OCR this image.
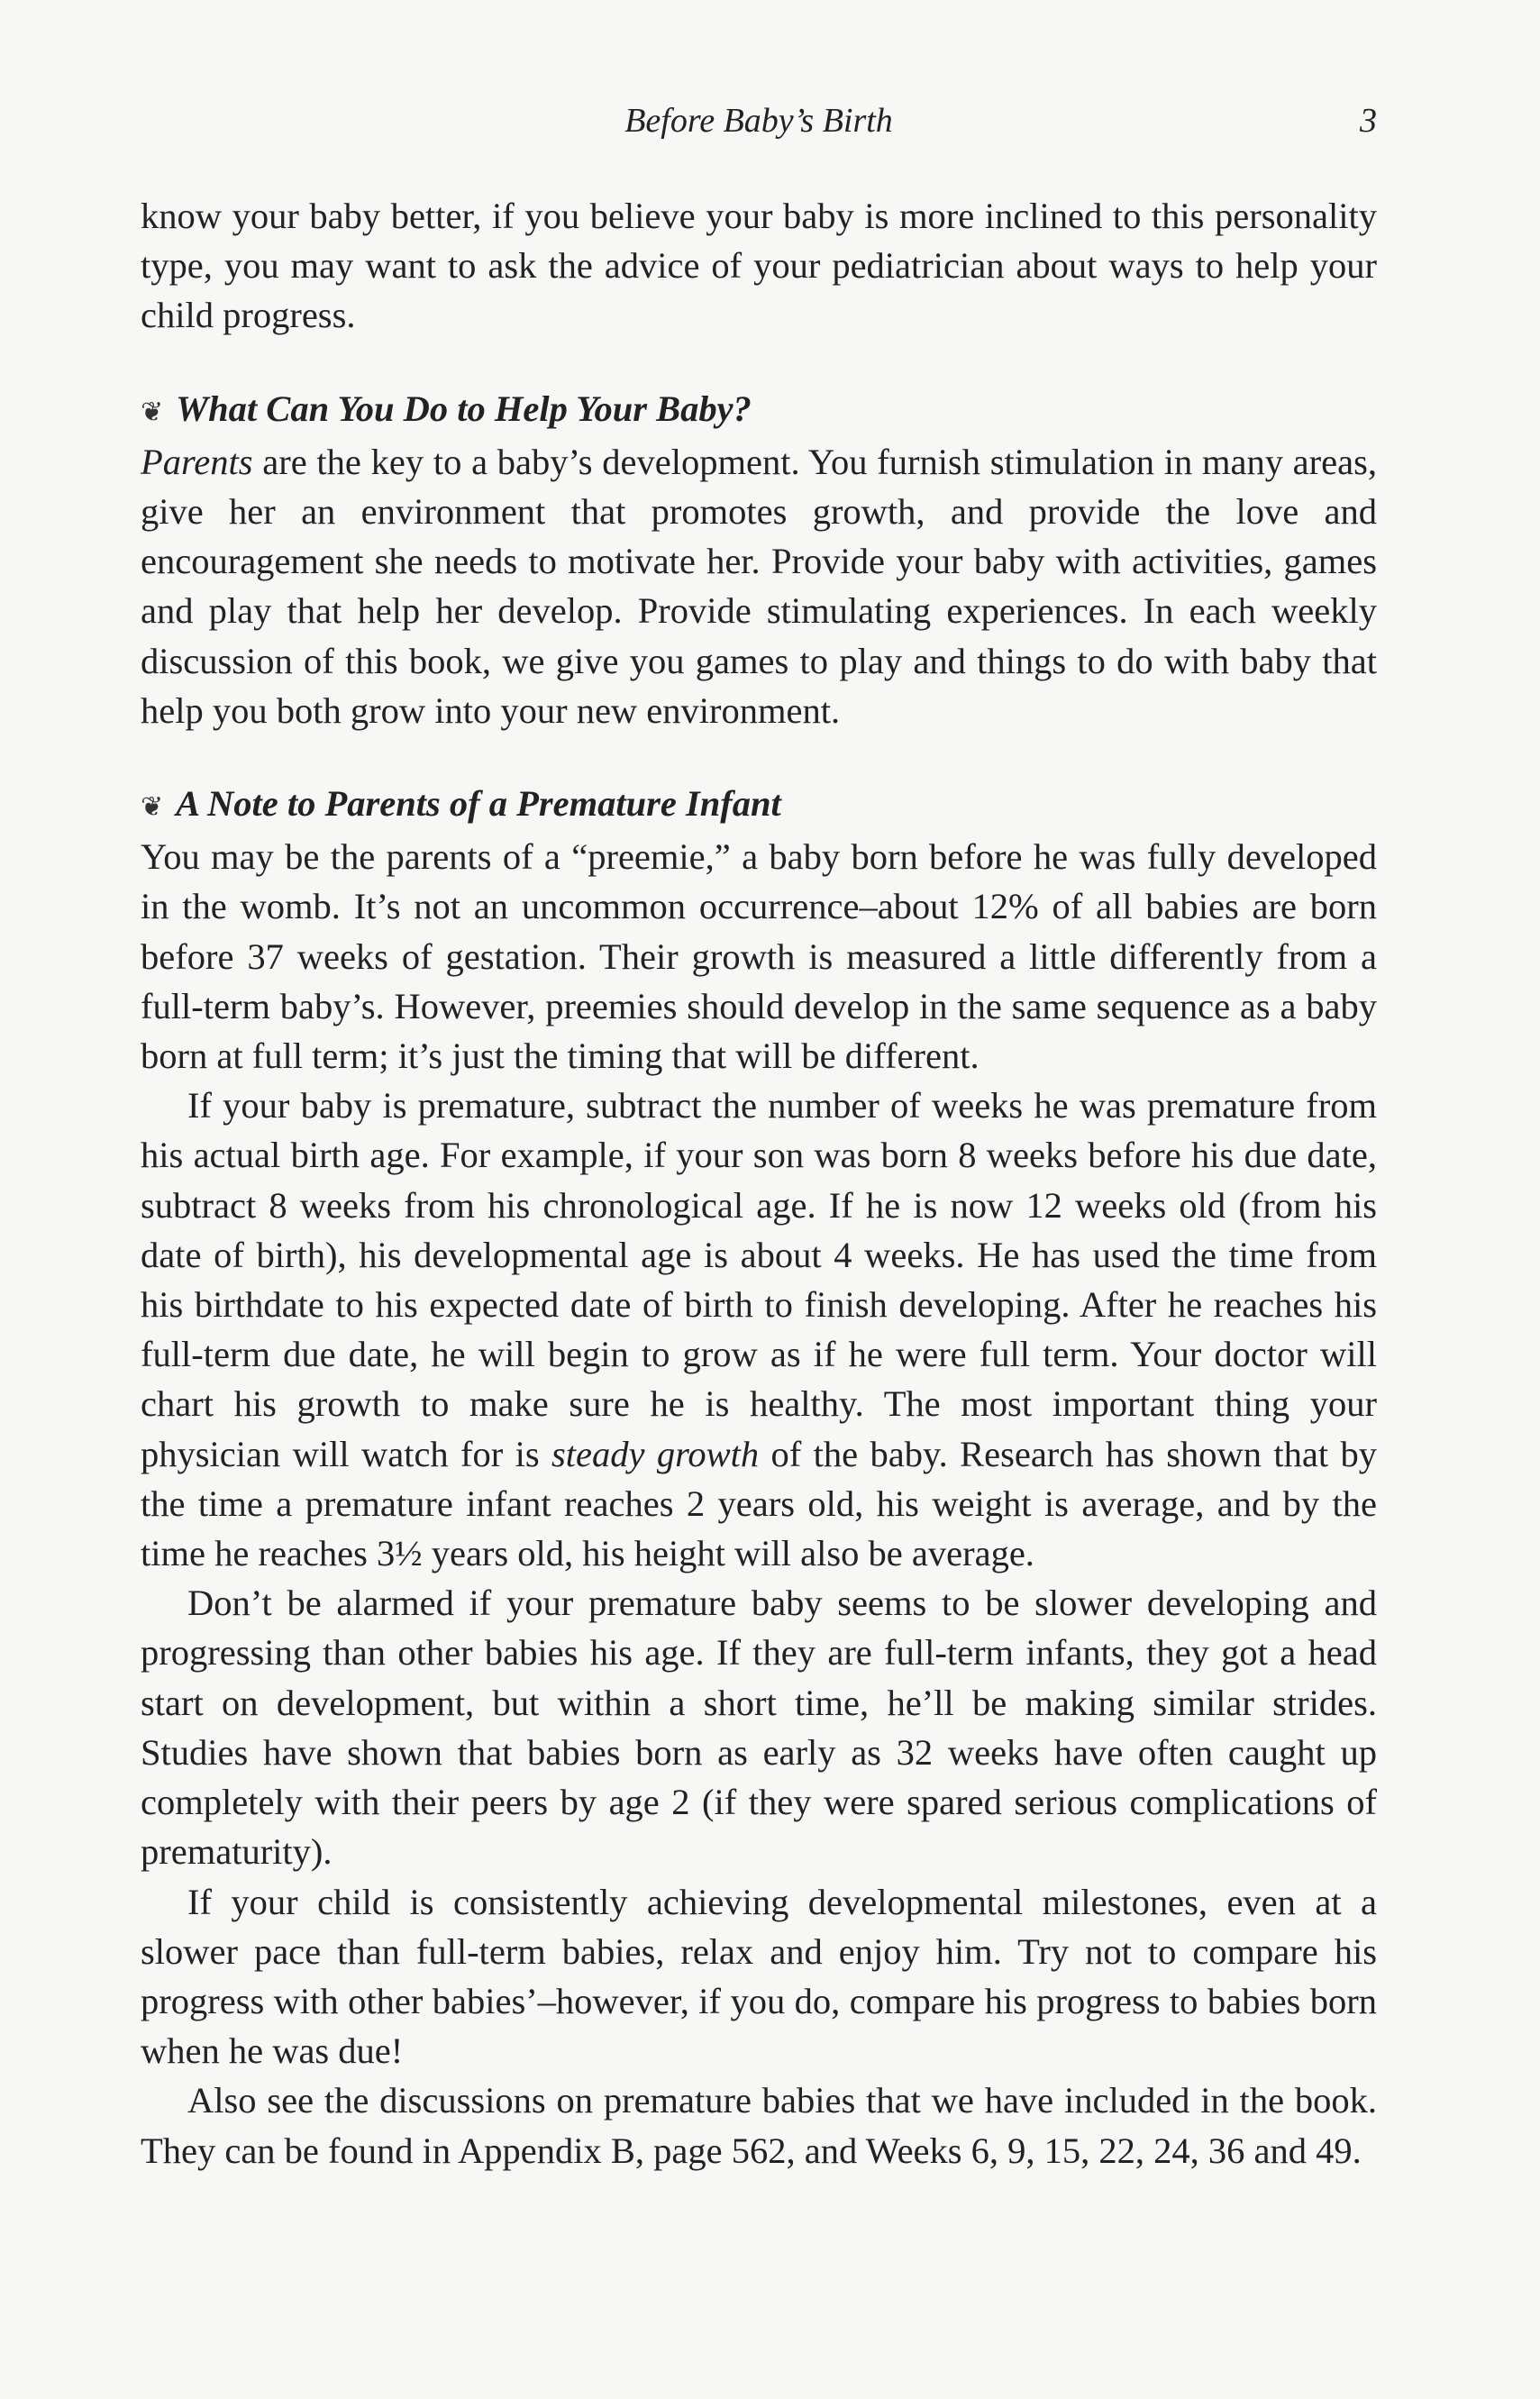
Before Baby’s Birth	3

know your baby better, if you believe your baby is more inclined to this personality type, you may want to ask the advice of your pediatrician about ways to help your child progress.

❦ What Can You Do to Help Your Baby?

Parents are the key to a baby’s development. You furnish stimulation in many areas, give her an environment that promotes growth, and provide the love and encouragement she needs to motivate her. Provide your baby with activities, games and play that help her develop. Provide stimulating experiences. In each weekly discussion of this book, we give you games to play and things to do with baby that help you both grow into your new environment.

❦ A Note to Parents of a Premature Infant

You may be the parents of a “preemie,” a baby born before he was fully developed in the womb. It’s not an uncommon occurrence–about 12% of all babies are born before 37 weeks of gestation. Their growth is measured a little differently from a full-term baby’s. However, preemies should develop in the same sequence as a baby born at full term; it’s just the timing that will be different.

If your baby is premature, subtract the number of weeks he was premature from his actual birth age. For example, if your son was born 8 weeks before his due date, subtract 8 weeks from his chronological age. If he is now 12 weeks old (from his date of birth), his developmental age is about 4 weeks. He has used the time from his birthdate to his expected date of birth to finish developing. After he reaches his full-term due date, he will begin to grow as if he were full term. Your doctor will chart his growth to make sure he is healthy. The most important thing your physician will watch for is steady growth of the baby. Research has shown that by the time a premature infant reaches 2 years old, his weight is average, and by the time he reaches 3½ years old, his height will also be average.

Don’t be alarmed if your premature baby seems to be slower developing and progressing than other babies his age. If they are full-term infants, they got a head start on development, but within a short time, he’ll be making similar strides. Studies have shown that babies born as early as 32 weeks have often caught up completely with their peers by age 2 (if they were spared serious complications of prematurity).

If your child is consistently achieving developmental milestones, even at a slower pace than full-term babies, relax and enjoy him. Try not to compare his progress with other babies’–however, if you do, compare his progress to babies born when he was due!

Also see the discussions on premature babies that we have included in the book. They can be found in Appendix B, page 562, and Weeks 6, 9, 15, 22, 24, 36 and 49.
